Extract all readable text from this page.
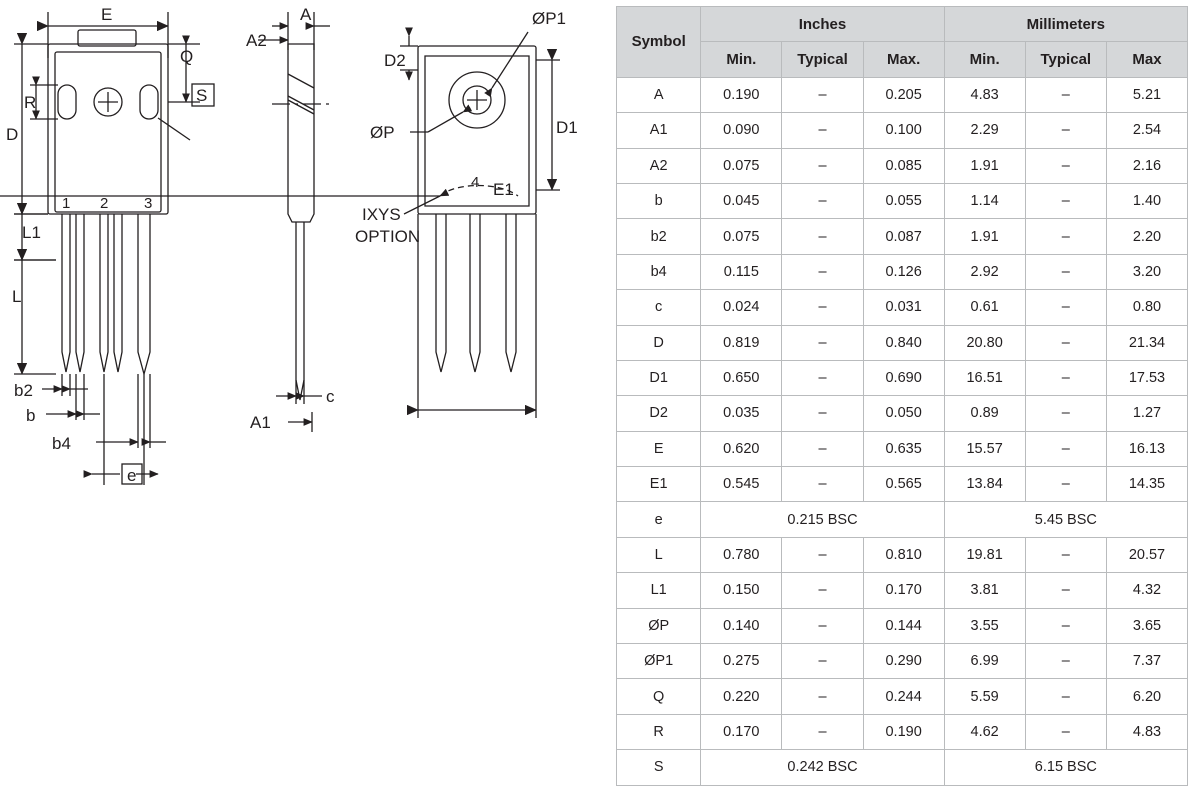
E
Q
S
R
D
L1
L
b2
b
b4
e
1 2 3
A
A2
A1
c
ØP1
D2
D1
ØP
E1
4
IXYS
OPTION
Symbol	Inches			Millimeters		
	Min.	Typical	Max.	Min.	Typical	Max
A	0.190	–	0.205	4.83	–	5.21
A1	0.090	–	0.100	2.29	–	2.54
A2	0.075	–	0.085	1.91	–	2.16
b	0.045	–	0.055	1.14	–	1.40
b2	0.075	–	0.087	1.91	–	2.20
b4	0.115	–	0.126	2.92	–	3.20
c	0.024	–	0.031	0.61	–	0.80
D	0.819	–	0.840	20.80	–	21.34
D1	0.650	–	0.690	16.51	–	17.53
D2	0.035	–	0.050	0.89	–	1.27
E	0.620	–	0.635	15.57	–	16.13
E1	0.545	–	0.565	13.84	–	14.35
e	0.215 BSC			5.45 BSC		
L	0.780	–	0.810	19.81	–	20.57
L1	0.150	–	0.170	3.81	–	4.32
ØP	0.140	–	0.144	3.55	–	3.65
ØP1	0.275	–	0.290	6.99	–	7.37
Q	0.220	–	0.244	5.59	–	6.20
R	0.170	–	0.190	4.62	–	4.83
S	0.242 BSC			6.15 BSC		
